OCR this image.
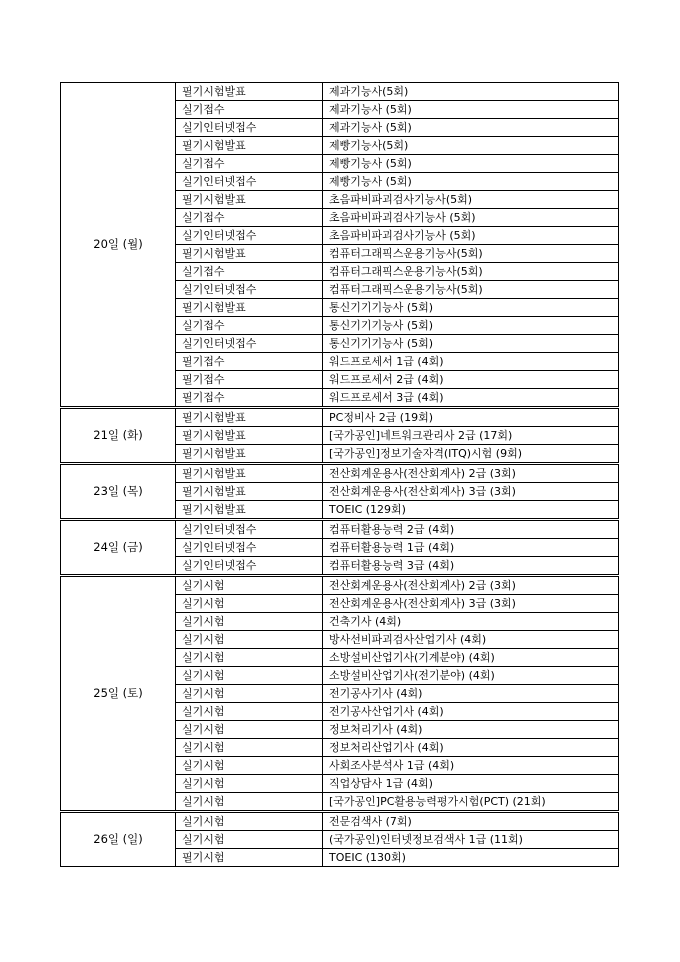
20일 (월)	필기시험발표	제과기능사(5회)
	실기접수	제과기능사 (5회)
	실기인터넷접수	제과기능사 (5회)
	필기시험발표	제빵기능사(5회)
	실기접수	제빵기능사 (5회)
	실기인터넷접수	제빵기능사 (5회)
	필기시험발표	초음파비파괴검사기능사(5회)
	실기접수	초음파비파괴검사기능사 (5회)
	실기인터넷접수	초음파비파괴검사기능사 (5회)
	필기시험발표	컴퓨터그래픽스운용기능사(5회)
	실기접수	컴퓨터그래픽스운용기능사(5회)
	실기인터넷접수	컴퓨터그래픽스운용기능사(5회)
	필기시험발표	통신기기기능사 (5회)
	실기접수	통신기기기능사 (5회)
	실기인터넷접수	통신기기기능사 (5회)
	필기접수	워드프로세서 1급 (4회)
	필기접수	워드프로세서 2급 (4회)
	필기접수	워드프로세서 3급 (4회)
21일 (화)	필기시험발표	PC정비사 2급 (19회)
	필기시험발표	[국가공인]네트워크관리사 2급 (17회)
	필기시험발표	[국가공인]정보기술자격(ITQ)시험 (9회)
23일 (목)	필기시험발표	전산회계운용사(전산회계사) 2급 (3회)
	필기시험발표	전산회계운용사(전산회계사) 3급 (3회)
	필기시험발표	TOEIC (129회)
24일 (금)	실기인터넷접수	컴퓨터활용능력 2급 (4회)
	실기인터넷접수	컴퓨터활용능력 1급 (4회)
	실기인터넷접수	컴퓨터활용능력 3급 (4회)
25일 (토)	실기시험	전산회계운용사(전산회계사) 2급 (3회)
	실기시험	전산회계운용사(전산회계사) 3급 (3회)
	실기시험	건축기사 (4회)
	실기시험	방사선비파괴검사산업기사 (4회)
	실기시험	소방설비산업기사(기계분야) (4회)
	실기시험	소방설비산업기사(전기분야) (4회)
	실기시험	전기공사기사 (4회)
	실기시험	전기공사산업기사 (4회)
	실기시험	정보처리기사 (4회)
	실기시험	정보처리산업기사 (4회)
	실기시험	사회조사분석사 1급 (4회)
	실기시험	직업상담사 1급 (4회)
	실기시험	[국가공인]PC활용능력평가시험(PCT) (21회)
26일 (일)	실기시험	전문검색사 (7회)
	실기시험	(국가공인)인터넷정보검색사 1급 (11회)
	필기시험	TOEIC (130회)
